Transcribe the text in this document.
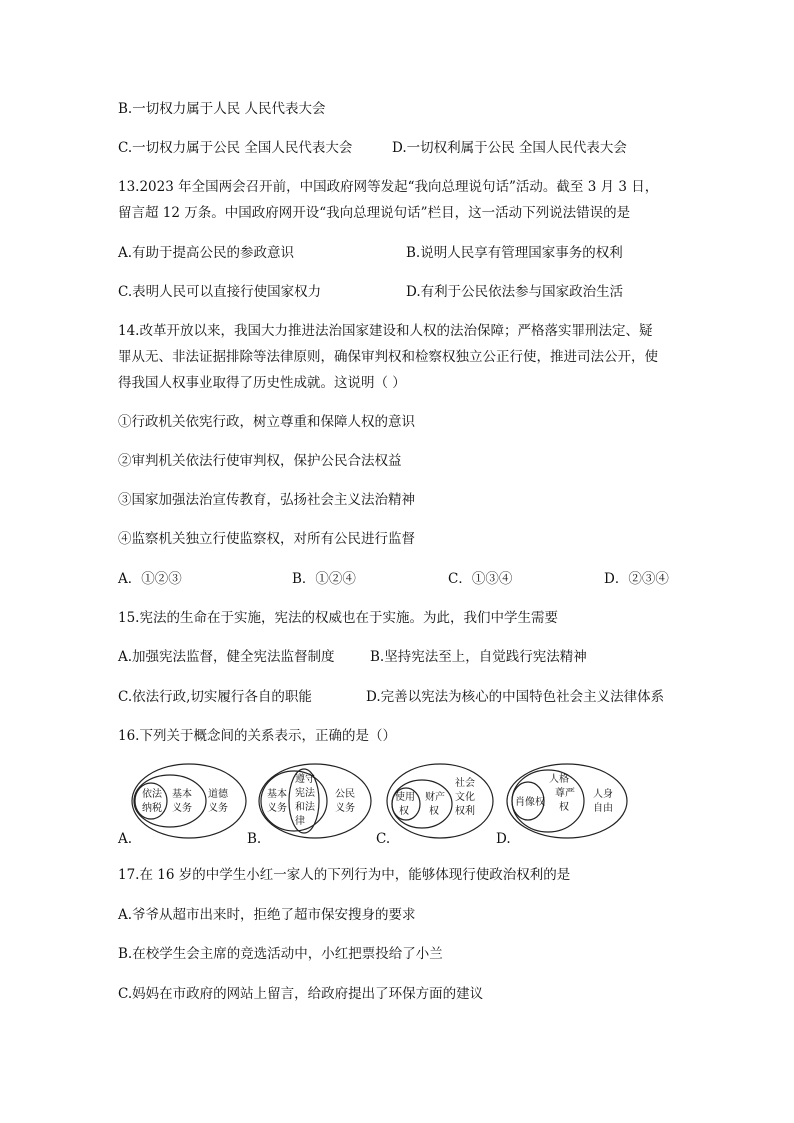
B.一切权力属于人民 人民代表大会
C.一切权力属于公民 全国人民代表大会	D.一切权利属于公民 全国人民代表大会
13.2023 年全国两会召开前，中国政府网等发起“我向总理说句话”活动。截至 3 月 3 日，
留言超 12 万条。中国政府网开设“我向总理说句话”栏目，这一活动下列说法错误的是
A.有助于提高公民的参政意识	B.说明人民享有管理国家事务的权利
C.表明人民可以直接行使国家权力	D.有利于公民依法参与国家政治生活
14.改革开放以来，我国大力推进法治国家建设和人权的法治保障；严格落实罪刑法定、疑
罪从无、非法证据排除等法律原则，确保审判权和检察权独立公正行使，推进司法公开，使
得我国人权事业取得了历史性成就。这说明（ ）
①行政机关依宪行政，树立尊重和保障人权的意识
②审判机关依法行使审判权，保护公民合法权益
③国家加强法治宣传教育，弘扬社会主义法治精神
④监察机关独立行使监察权，对所有公民进行监督
A．①②③	B．①②④	C．①③④	D．②③④
15.宪法的生命在于实施，宪法的权威也在于实施。为此，我们中学生需要
A.加强宪法监督，健全宪法监督制度	B.坚持宪法至上，自觉践行宪法精神
C.依法行政,切实履行各自的职能	D.完善以宪法为核心的中国特色社会主义法律体系
16.下列关于概念间的关系表示，正确的是（）
依法
纳税
基本
义务
道德
义务
A.
遵守
宪法
和法
律
基本
义务
公民
义务
B.
使用
权
财产
权
社会
文化
权利
C.
肖像权
人格
尊严
权
人身
自由
D.
17.在 16 岁的中学生小红一家人的下列行为中，能够体现行使政治权利的是
A.爷爷从超市出来时，拒绝了超市保安搜身的要求
B.在校学生会主席的竞选活动中，小红把票投给了小兰
C.妈妈在市政府的网站上留言，给政府提出了环保方面的建议
